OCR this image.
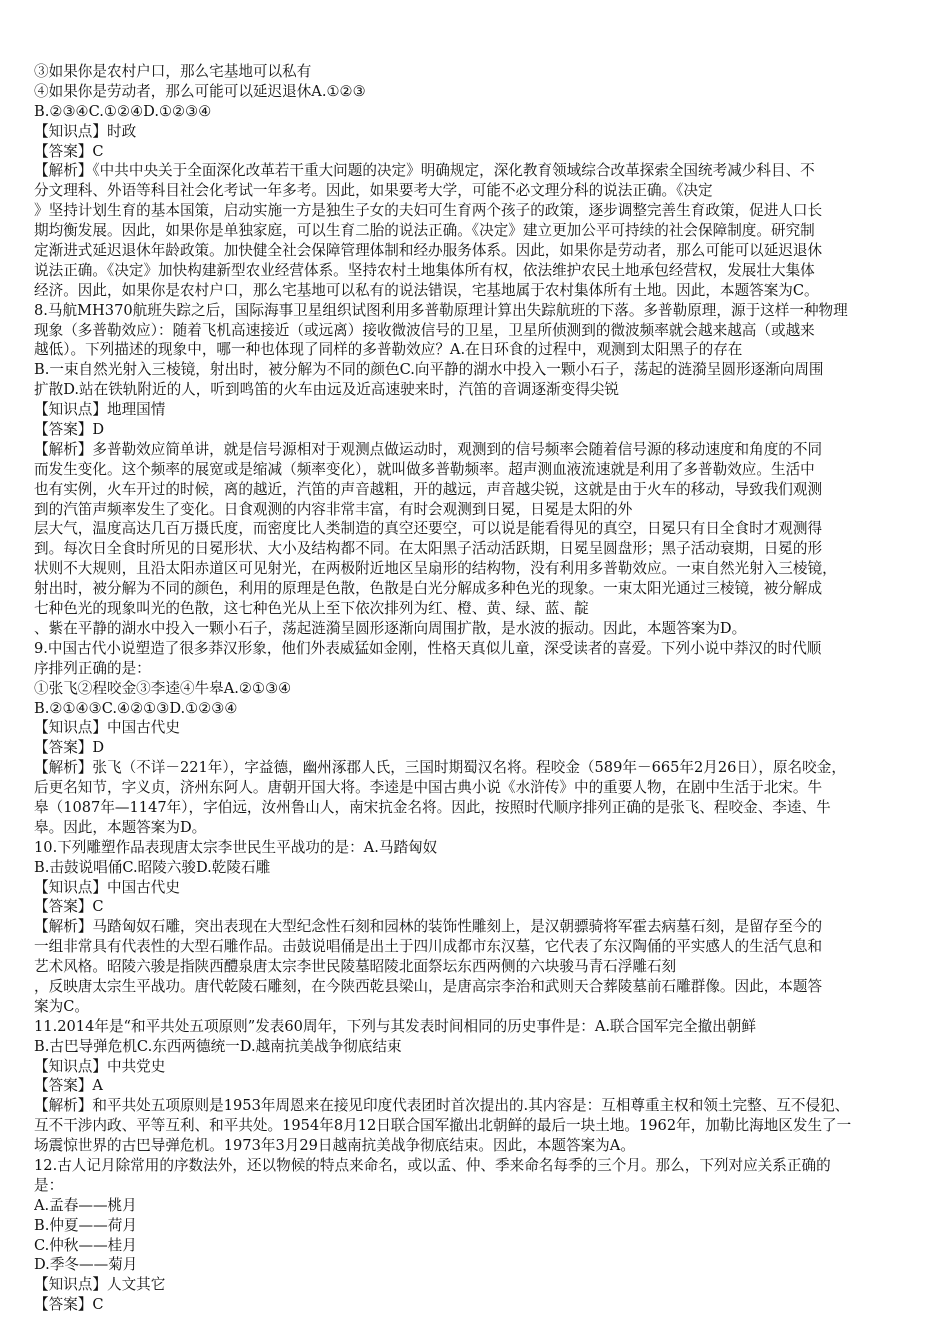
③如果你是农村户口，那么宅基地可以私有
④如果你是劳动者，那么可能可以延迟退休A.①②③
B.②③④C.①②④D.①②③④
【知识点】时政
【答案】C
【解析】《中共中央关于全面深化改革若干重大问题的决定》明确规定，深化教育领域综合改革探索全国统考减少科目、不
分文理科、外语等科目社会化考试一年多考。因此，如果要考大学，可能不必文理分科的说法正确。《决定
》坚持计划生育的基本国策，启动实施一方是独生子女的夫妇可生育两个孩子的政策，逐步调整完善生育政策，促进人口长
期均衡发展。因此，如果你是单独家庭，可以生育二胎的说法正确。《决定》建立更加公平可持续的社会保障制度。研究制
定渐进式延迟退休年龄政策。加快健全社会保障管理体制和经办服务体系。因此，如果你是劳动者，那么可能可以延迟退休
说法正确。《决定》加快构建新型农业经营体系。坚持农村土地集体所有权，依法维护农民土地承包经营权，发展壮大集体
经济。因此，如果你是农村户口，那么宅基地可以私有的说法错误，宅基地属于农村集体所有土地。因此，本题答案为C。
8.马航MH370航班失踪之后，国际海事卫星组织试图利用多普勒原理计算出失踪航班的下落。多普勒原理，源于这样一种物理
现象（多普勒效应）：随着飞机高速接近（或远离）接收微波信号的卫星，卫星所侦测到的微波频率就会越来越高（或越来
越低）。下列描述的现象中，哪一种也体现了同样的多普勒效应？A.在日环食的过程中，观测到太阳黑子的存在
B.一束自然光射入三棱镜，射出时，被分解为不同的颜色C.向平静的湖水中投入一颗小石子，荡起的涟漪呈圆形逐渐向周围
扩散D.站在铁轨附近的人，听到鸣笛的火车由远及近高速驶来时，汽笛的音调逐渐变得尖锐
【知识点】地理国情
【答案】D
【解析】多普勒效应简单讲，就是信号源相对于观测点做运动时，观测到的信号频率会随着信号源的移动速度和角度的不同
而发生变化。这个频率的展宽或是缩减（频率变化），就叫做多普勒频率。超声测血液流速就是利用了多普勒效应。生活中
也有实例，火车开过的时候，离的越近，汽笛的声音越粗，开的越远，声音越尖锐，这就是由于火车的移动，导致我们观测
到的汽笛声频率发生了变化。日食观测的内容非常丰富，有时会观测到日冕，日冕是太阳的外
层大气，温度高达几百万摄氏度，而密度比人类制造的真空还要空，可以说是能看得见的真空，日冕只有日全食时才观测得
到。每次日全食时所见的日冕形状、大小及结构都不同。在太阳黑子活动活跃期，日冕呈圆盘形；黑子活动衰期，日冕的形
状则不大规则，且沿太阳赤道区可见射光，在两极附近地区呈扇形的结构物，没有利用多普勒效应。一束自然光射入三棱镜，
射出时，被分解为不同的颜色，利用的原理是色散，色散是白光分解成多种色光的现象。一束太阳光通过三棱镜，被分解成
七种色光的现象叫光的色散，这七种色光从上至下依次排列为红、橙、黄、绿、蓝、靛
、紫在平静的湖水中投入一颗小石子，荡起涟漪呈圆形逐渐向周围扩散，是水波的振动。因此，本题答案为D。
9.中国古代小说塑造了很多莽汉形象，他们外表威猛如金刚，性格天真似儿童，深受读者的喜爱。下列小说中莽汉的时代顺
序排列正确的是：
①张飞②程咬金③李逵④牛皋A.②①③④
B.②①④③C.④②①③D.①②③④
【知识点】中国古代史
【答案】D
【解析】张飞（不详－221年），字益德，幽州涿郡人氏，三国时期蜀汉名将。程咬金（589年－665年2月26日），原名咬金，
后更名知节，字义贞，济州东阿人。唐朝开国大将。李逵是中国古典小说《水浒传》中的重要人物，在剧中生活于北宋。牛
皋（1087年—1147年），字伯远，汝州鲁山人，南宋抗金名将。因此，按照时代顺序排列正确的是张飞、程咬金、李逵、牛
皋。因此，本题答案为D。
10.下列雕塑作品表现唐太宗李世民生平战功的是：A.马踏匈奴
B.击鼓说唱俑C.昭陵六骏D.乾陵石雕
【知识点】中国古代史
【答案】C
【解析】马踏匈奴石雕，突出表现在大型纪念性石刻和园林的装饰性雕刻上，是汉朝骠骑将军霍去病墓石刻，是留存至今的
一组非常具有代表性的大型石雕作品。击鼓说唱俑是出土于四川成都市东汉墓，它代表了东汉陶俑的平实感人的生活气息和
艺术风格。昭陵六骏是指陕西醴泉唐太宗李世民陵墓昭陵北面祭坛东西两侧的六块骏马青石浮雕石刻
，反映唐太宗生平战功。唐代乾陵石雕刻，在今陕西乾县梁山，是唐高宗李治和武则天合葬陵墓前石雕群像。因此，本题答
案为C。
11.2014年是“和平共处五项原则”发表60周年，下列与其发表时间相同的历史事件是：A.联合国军完全撤出朝鲜
B.古巴导弹危机C.东西两德统一D.越南抗美战争彻底结束
【知识点】中共党史
【答案】A
【解析】和平共处五项原则是1953年周恩来在接见印度代表团时首次提出的.其内容是：互相尊重主权和领土完整、互不侵犯、
互不干涉内政、平等互利、和平共处。1954年8月12日联合国军撤出北朝鲜的最后一块土地。1962年，加勒比海地区发生了一
场震惊世界的古巴导弹危机。1973年3月29日越南抗美战争彻底结束。因此，本题答案为A。
12.古人记月除常用的序数法外，还以物候的特点来命名，或以孟、仲、季来命名每季的三个月。那么，下列对应关系正确的
是：
A.孟春——桃月
B.仲夏——荷月
C.仲秋——桂月
D.季冬——菊月
【知识点】人文其它
【答案】C
